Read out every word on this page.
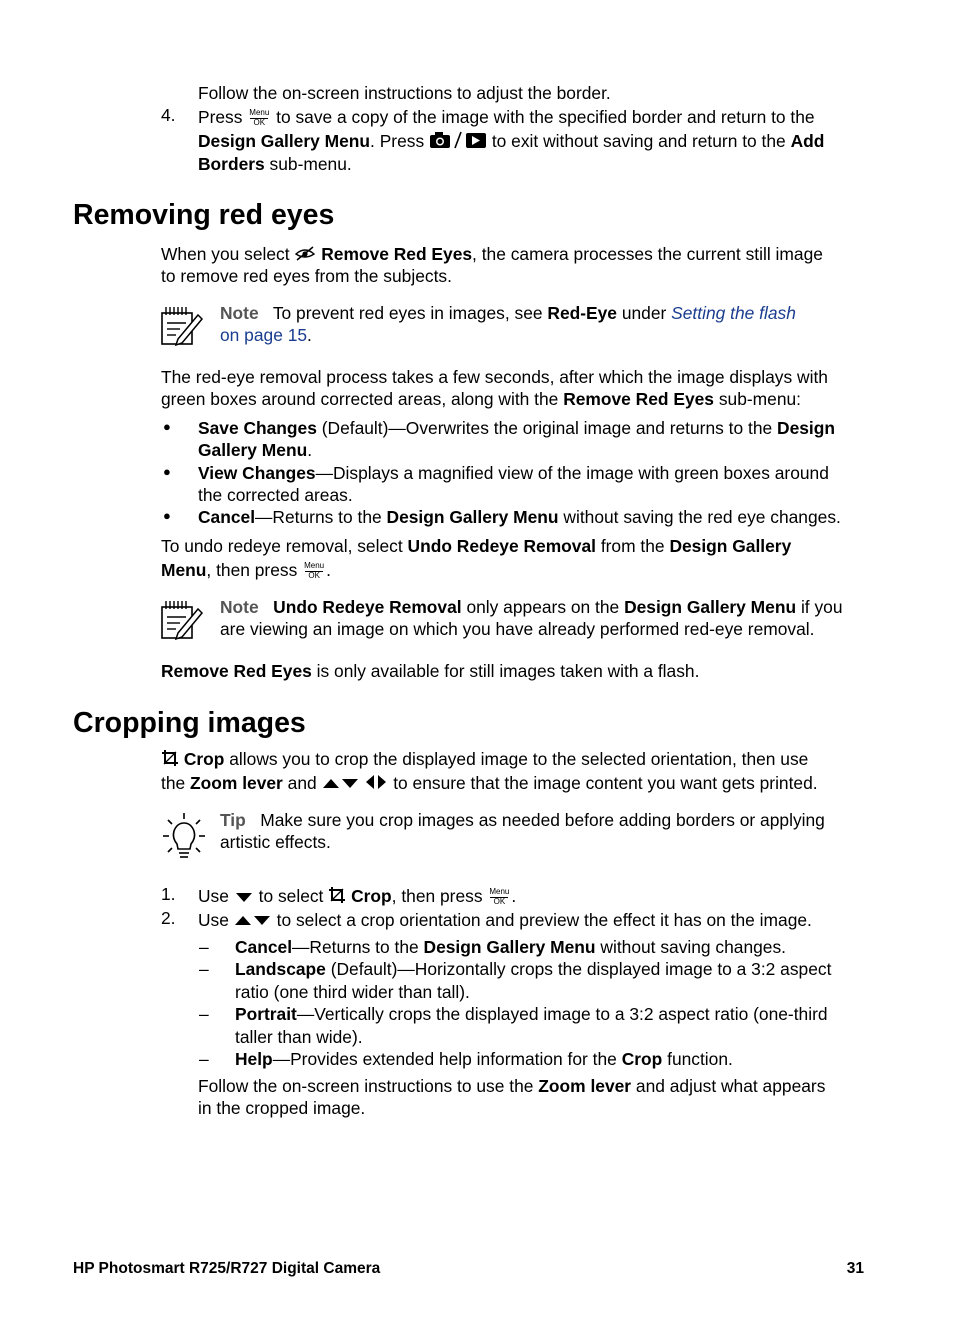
Follow the on-screen instructions to adjust the border.
4. Press Menu
OK to save a copy of the image with the specified border and return to the
Design Gallery Menu. Press	to exit without saving and return to the Add
Borders sub-menu.
Removing red eyes
When you select Remove Red Eyes, the camera processes the current still image
to remove red eyes from the subjects.
Note To prevent red eyes in images, see Red-Eye under Setting the flash
on page 15.
The red-eye removal process takes a few seconds, after which the image displays with
green boxes around corrected areas, along with the Remove Red Eyes sub-menu:
● Save Changes (Default)—Overwrites the original image and returns to the Design
Gallery Menu.
● View Changes—Displays a magnified view of the image with green boxes around
the corrected areas.
● Cancel—Returns to the Design Gallery Menu without saving the red eye changes.
To undo redeye removal, select Undo Redeye Removal from the Design Gallery
Menu, then press Menu
OK .
Note Undo Redeye Removal only appears on the Design Gallery Menu if you
are viewing an image on which you have already performed red-eye removal.
Remove Red Eyes is only available for still images taken with a flash.
Cropping images
Crop allows you to crop the displayed image to the selected orientation, then use
the Zoom lever and	to ensure that the image content you want gets printed.
Tip Make sure you crop images as needed before adding borders or applying
artistic effects.
1. Use to select Crop, then press Menu
OK .
2. Use	to select a crop orientation and preview the effect it has on the image.
– Cancel—Returns to the Design Gallery Menu without saving changes.
– Landscape (Default)—Horizontally crops the displayed image to a 3:2 aspect
ratio (one third wider than tall).
– Portrait—Vertically crops the displayed image to a 3:2 aspect ratio (one-third
taller than wide).
– Help—Provides extended help information for the Crop function.
Follow the on-screen instructions to use the Zoom lever and adjust what appears
in the cropped image.
HP Photosmart R725/R727 Digital Camera	31
